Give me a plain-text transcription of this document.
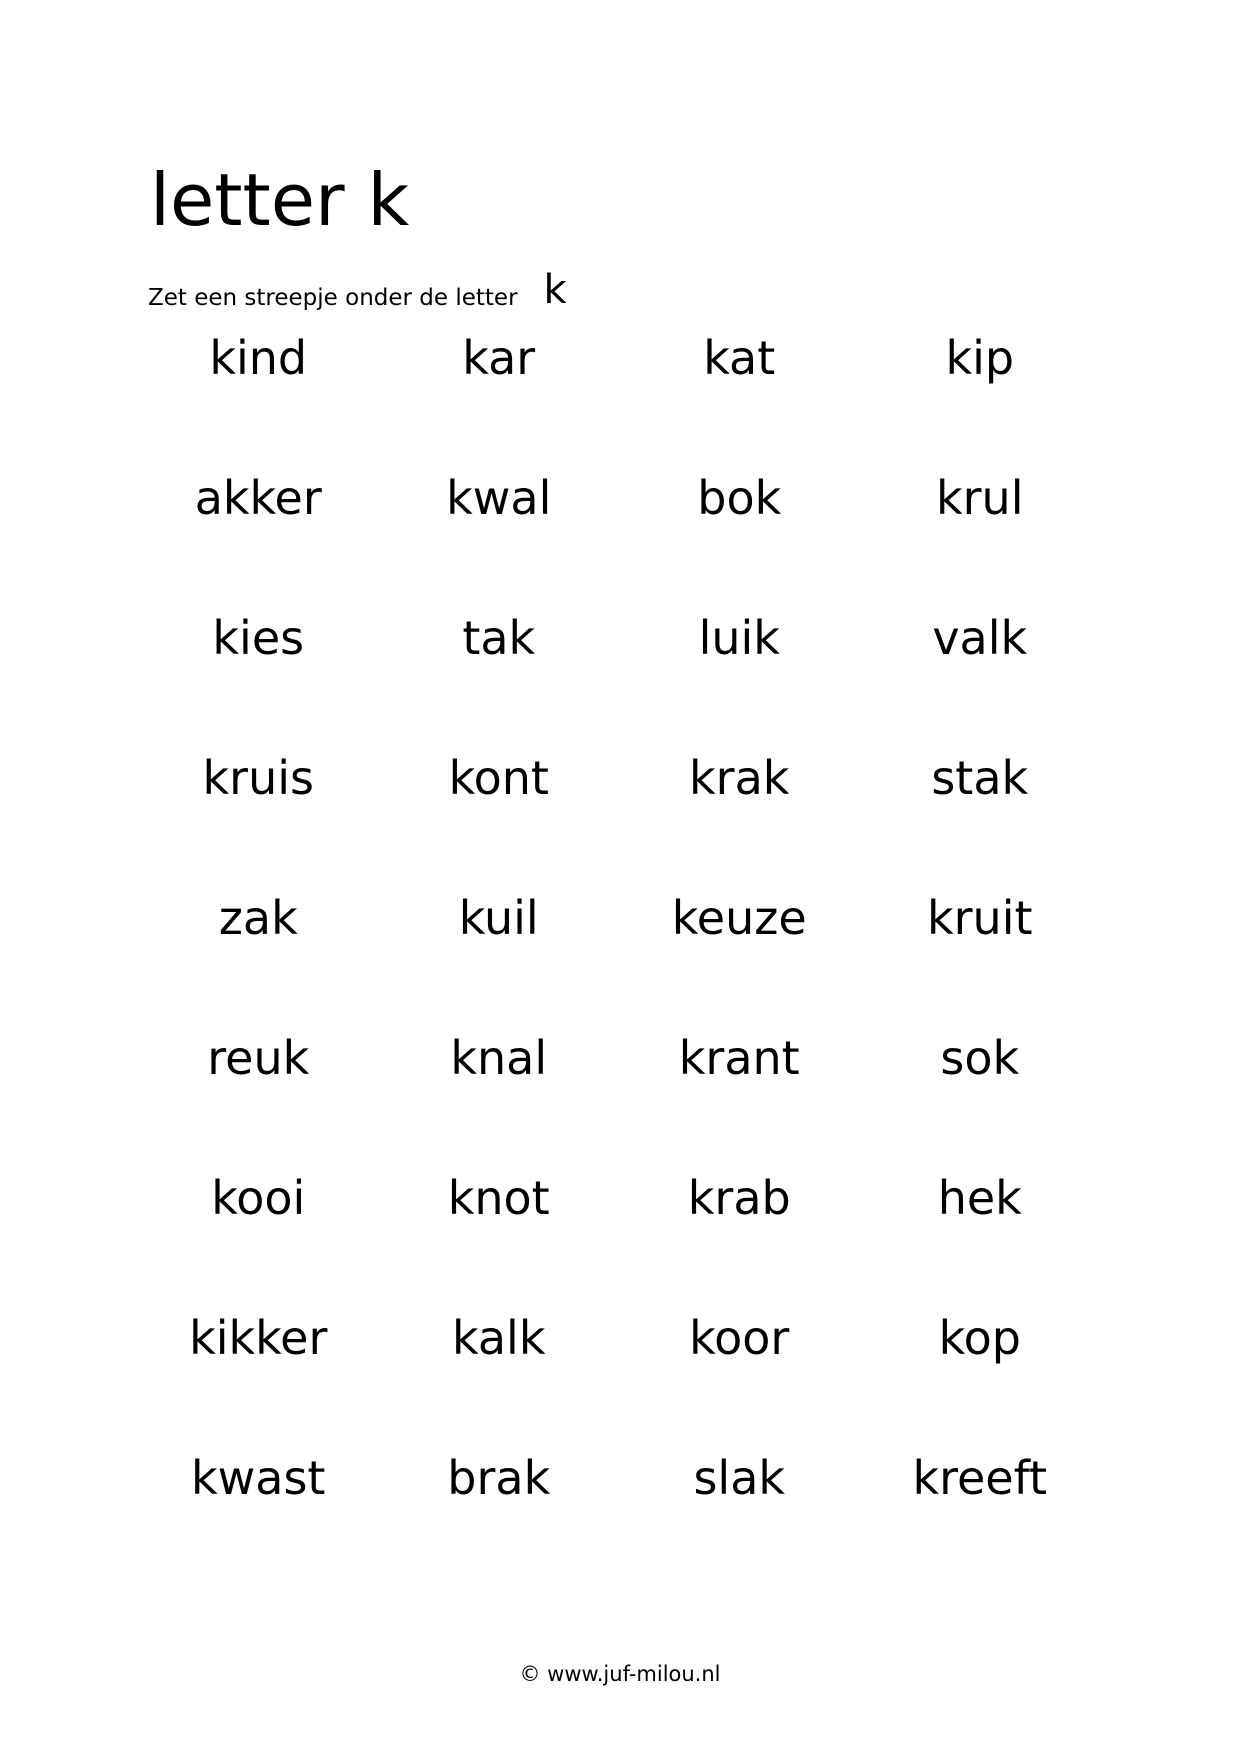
letter k
Zet een streepje onder de letter k
kind	kar	kat	kip
akker	kwal	bok	krul
kies	tak	luik	valk
kruis	kont	krak	stak
zak	kuil	keuze	kruit
reuk	knal	krant	sok
kooi	knot	krab	hek
kikker	kalk	koor	kop
kwast	brak	slak	kreeft
© www.juf-milou.nl
